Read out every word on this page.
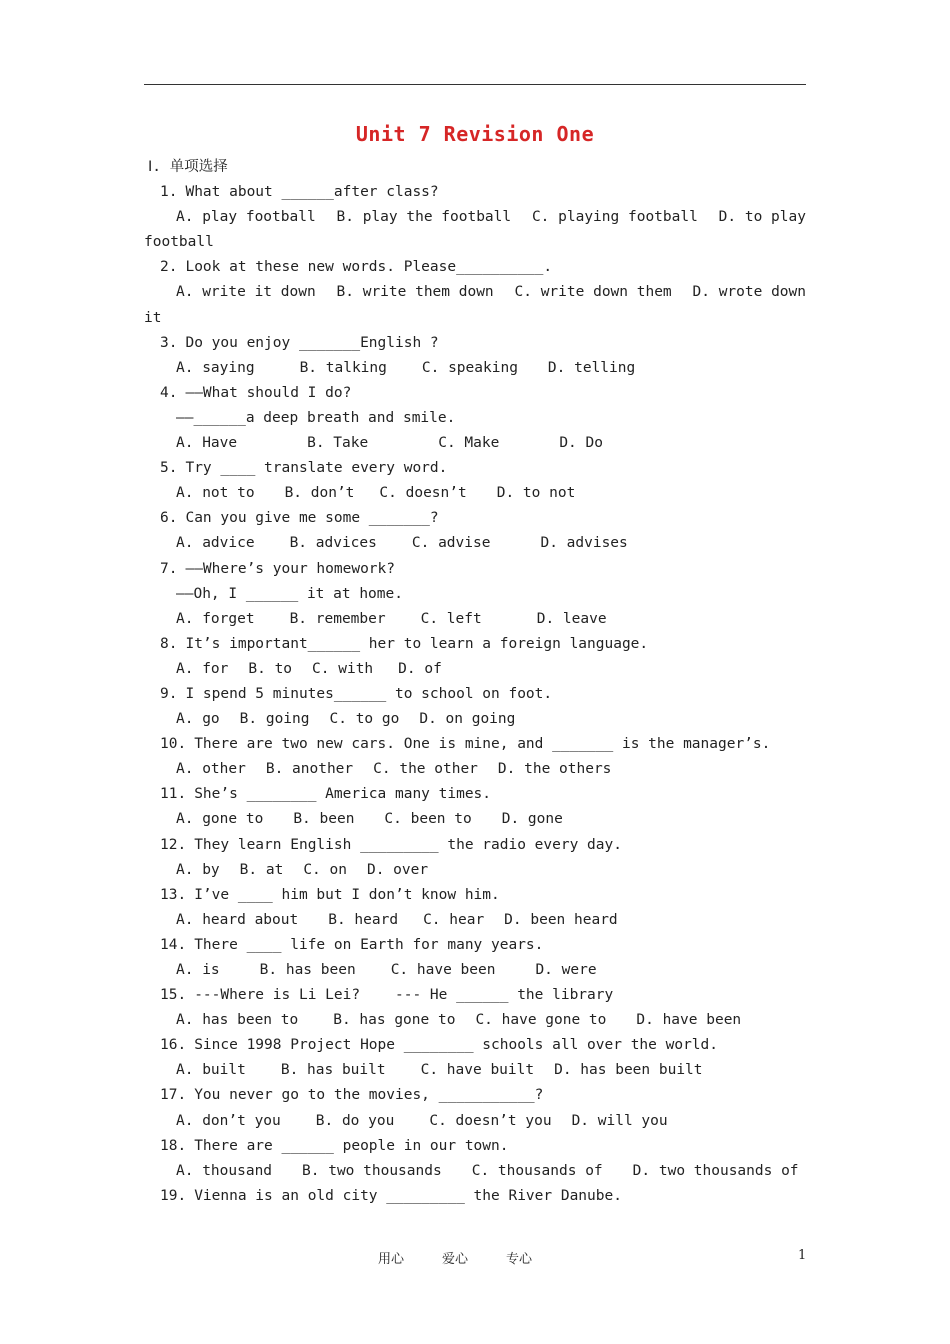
Unit 7 Revision One
Ⅰ. 单项选择
1. What about ______after class?
A. play football B. play the football C. playing football D. to play
football
2. Look at these new words. Please__________.
A. write it down B. write them down C. write down them D. wrote down
it
3. Do you enjoy _______English ?
A. saying	B. talking C. speaking D. telling
4. ——What should I do?
——______a deep breath and smile.
A. Have	B. Take	C. Make	D. Do
5. Try ____ translate every word.
A. not to B. don’t C. doesn’t D. to not
6. Can you give me some _______?
A. advice B. advices C. advise	D. advises
7. ——Where’s your homework?
——Oh, I ______ it at home.
A. forget B. remember C. left	D. leave
8. It’s important______ her to learn a foreign language.
A. for B. to C. with D. of
9. I spend 5 minutes______ to school on foot.
A. go B. going C. to go D. on going
10. There are two new cars. One is mine, and _______ is the manager’s.
A. other B. another C. the other D. the others
11. She’s ________ America many times.
A. gone to B. been C. been to D. gone
12. They learn English _________ the radio every day.
A. by B. at C. on D. over
13. I’ve ____ him but I don’t know him.
A. heard about B. heard C. hear D. been heard
14. There ____ life on Earth for many years.
A. is	B. has been C. have been	D. were
15. ---Where is Li Lei?    --- He ______ the library
A. has been to B. has gone to C. have gone to D. have been
16. Since 1998 Project Hope ________ schools all over the world.
A. built B. has built C. have built D. has been built
17. You never go to the movies, ___________?
A. don’t you B. do you C. doesn’t you D. will you
18. There are ______ people in our town.
A. thousand B. two thousands C. thousands of D. two thousands of
19. Vienna is an old city _________ the River Danube.
用心	爱心	专心	1
